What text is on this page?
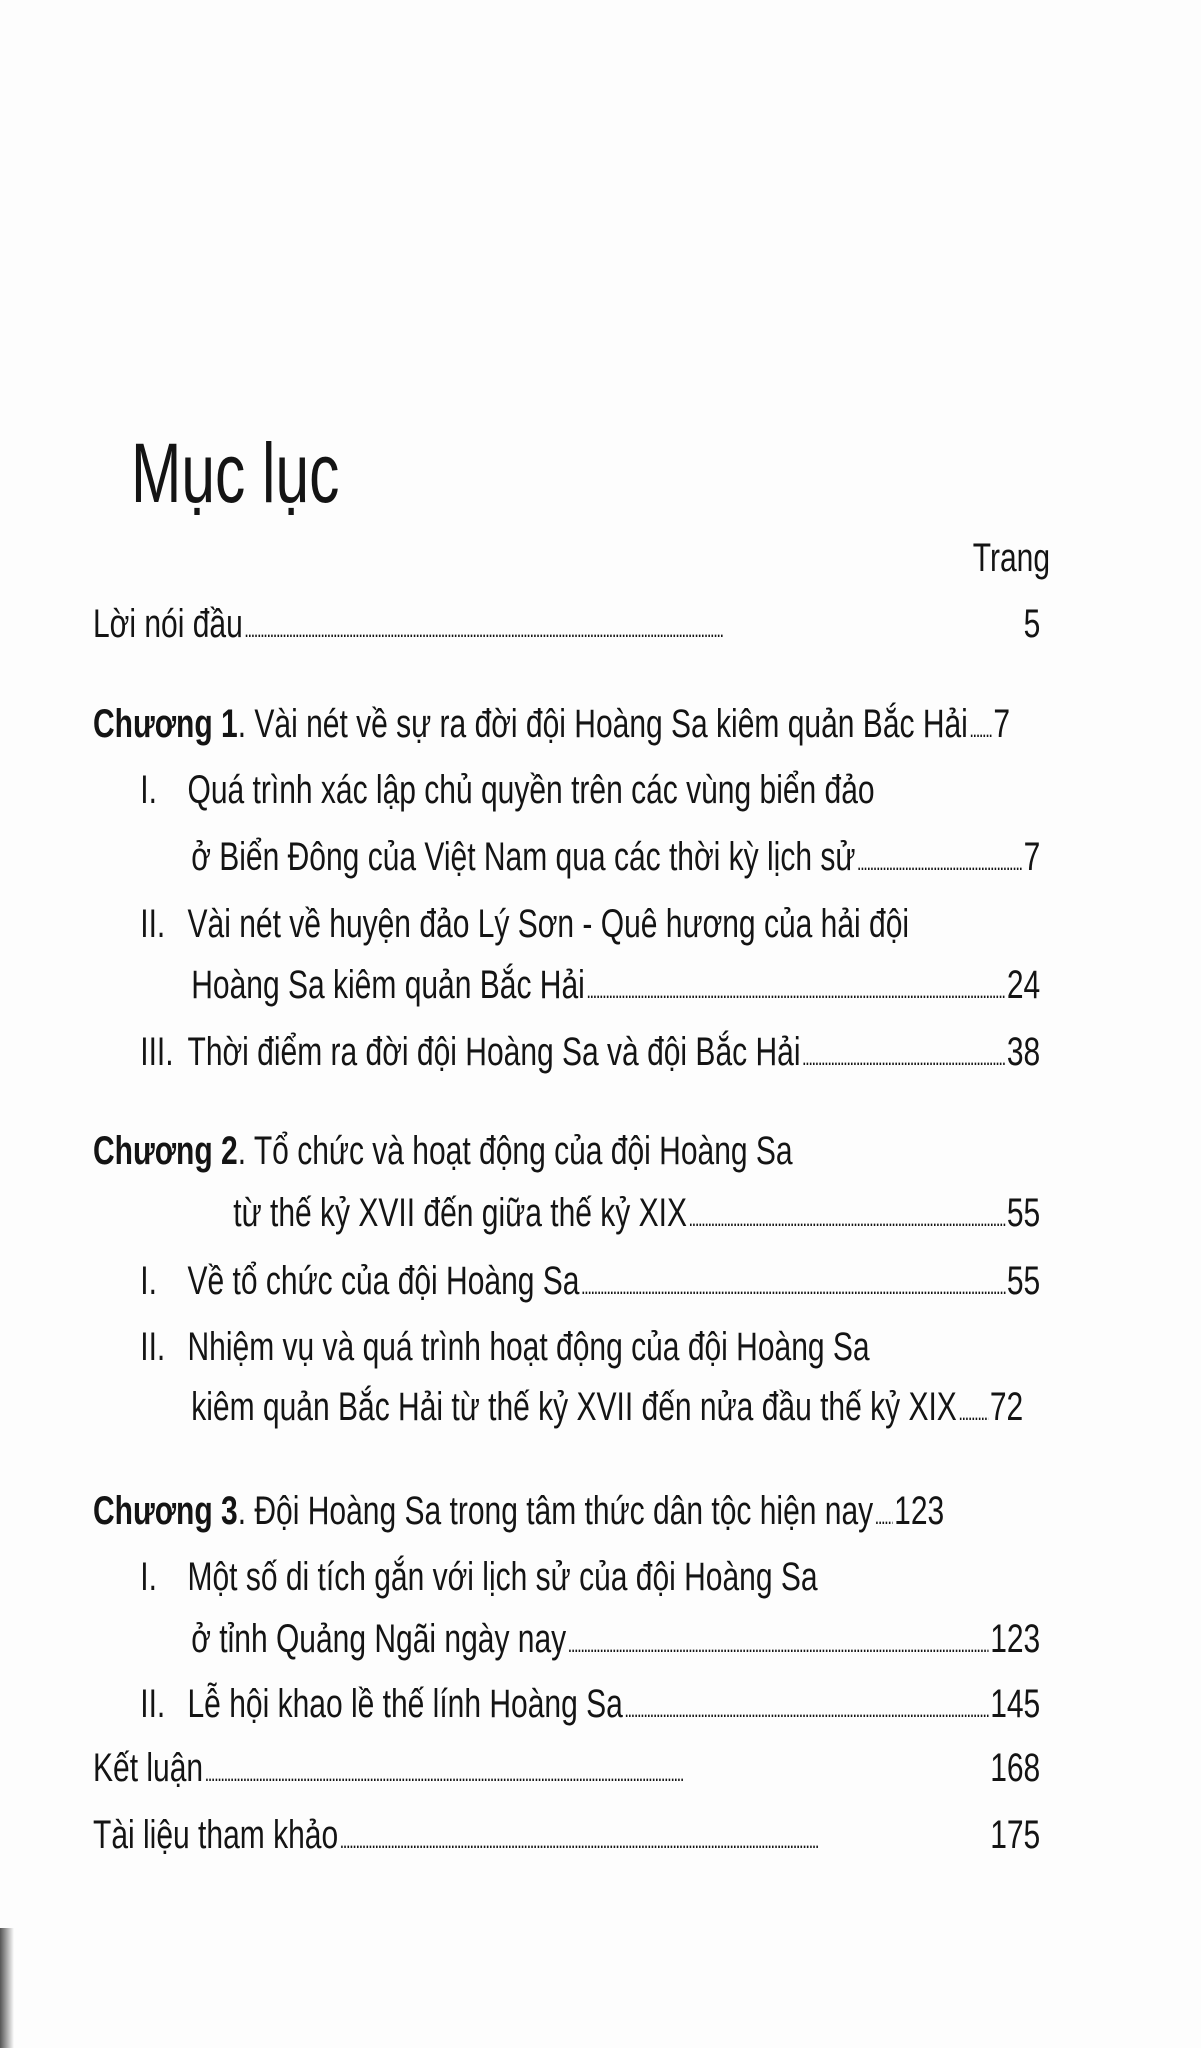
Mục lục
Trang
Lời nói đầu . . .	5
Chương 1 . Vài nét về sự ra đời đội Hoàng Sa kiêm quản Bắc Hải . . . 7
I. Quá trình xác lập chủ quyền trên các vùng biển đảo
ở Biển Đông của Việt Nam qua các thời kỳ lịch sử . . .	7
II. Vài nét về huyện đảo Lý Sơn - Quê hương của hải đội
Hoàng Sa kiêm quản Bắc Hải . . .	24
III. Thời điểm ra đời đội Hoàng Sa và đội Bắc Hải . . .	38
Chương 2 . Tổ chức và hoạt động của đội Hoàng Sa
từ thế kỷ XVII đến giữa thế kỷ XIX . . .	55
I. Về tổ chức của đội Hoàng Sa . . .	55
II. Nhiệm vụ và quá trình hoạt động của đội Hoàng Sa
kiêm quản Bắc Hải từ thế kỷ XVII đến nửa đầu thế kỷ XIX . . . 72
Chương 3 . Đội Hoàng Sa trong tâm thức dân tộc hiện nay . . . 123
I. Một số di tích gắn với lịch sử của đội Hoàng Sa
ở tỉnh Quảng Ngãi ngày nay . . .	123
II. Lễ hội khao lề thế lính Hoàng Sa . . .	145
Kết luận . . .	168
Tài liệu tham khảo . . .	175
